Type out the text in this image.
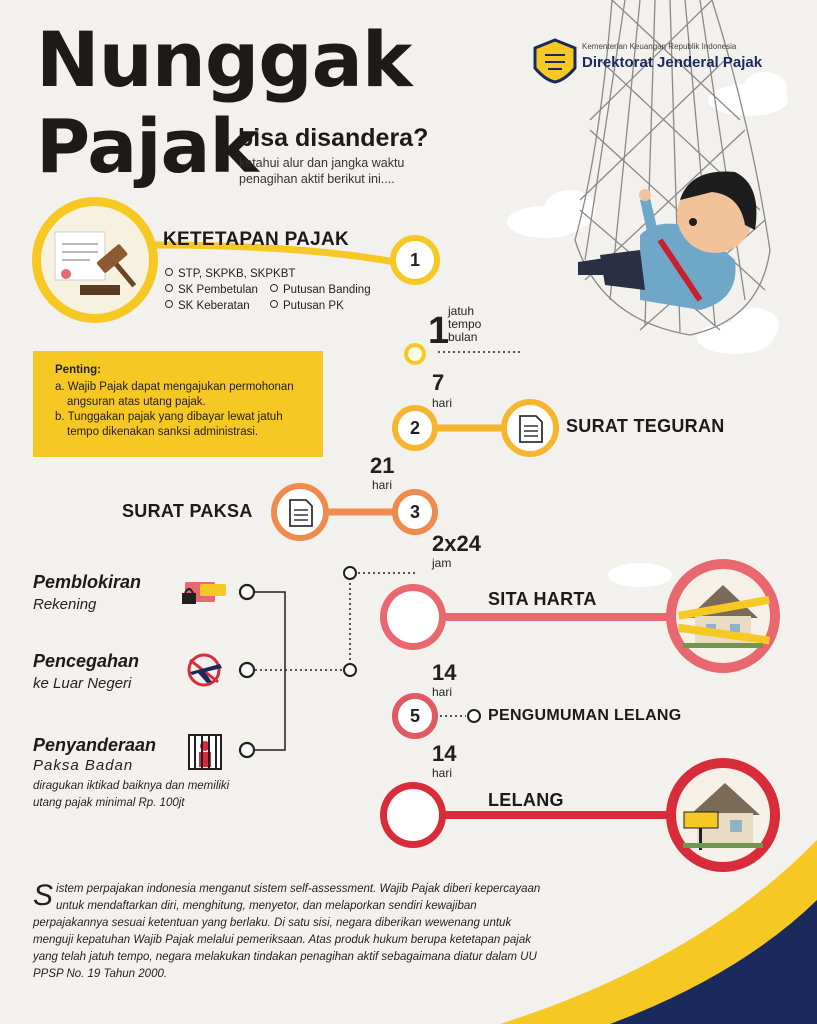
Nunggak
Pajak
bisa disandera?
ketahui alur dan jangka waktu penagihan aktif berikut ini....
Kementerian Keuangan Republik Indonesia
Direktorat Jenderal Pajak
KETETAPAN PAJAK
1
STP, SKPKB, SKPKBT
SK Pembetulan	Putusan Banding
SK Keberatan	Putusan PK
1
jatuh
tempo
bulan
Penting:
a. Wajib Pajak dapat mengajukan permohonan angsuran atas utang pajak.
b. Tunggakan pajak yang dibayar lewat jatuh tempo dikenakan sanksi administrasi.
7
hari
2	SURAT TEGURAN
21
hari
SURAT PAKSA	3
2x24
jam
4
SITA HARTA
Pemblokiran
Rekening
Pencegahan
ke Luar Negeri
Penyanderaan
Paksa Badan
diragukan iktikad baiknya dan memiliki
utang pajak minimal Rp. 100jt
14
hari
5	PENGUMUMAN LELANG
14
hari
6
LELANG
Sistem perpajakan indonesia menganut sistem self-assessment. Wajib Pajak diberi kepercayaan untuk mendaftarkan diri, menghitung, menyetor, dan melaporkan sendiri kewajiban perpajakannya sesuai ketentuan yang berlaku. Di satu sisi, negara diberikan wewenang untuk menguji kepatuhan Wajib Pajak melalui pemeriksaan. Atas produk hukum berupa ketetapan pajak yang telah jatuh tempo, negara melakukan tindakan penagihan aktif sebagaimana diatur dalam UU PPSP No. 19 Tahun 2000.
